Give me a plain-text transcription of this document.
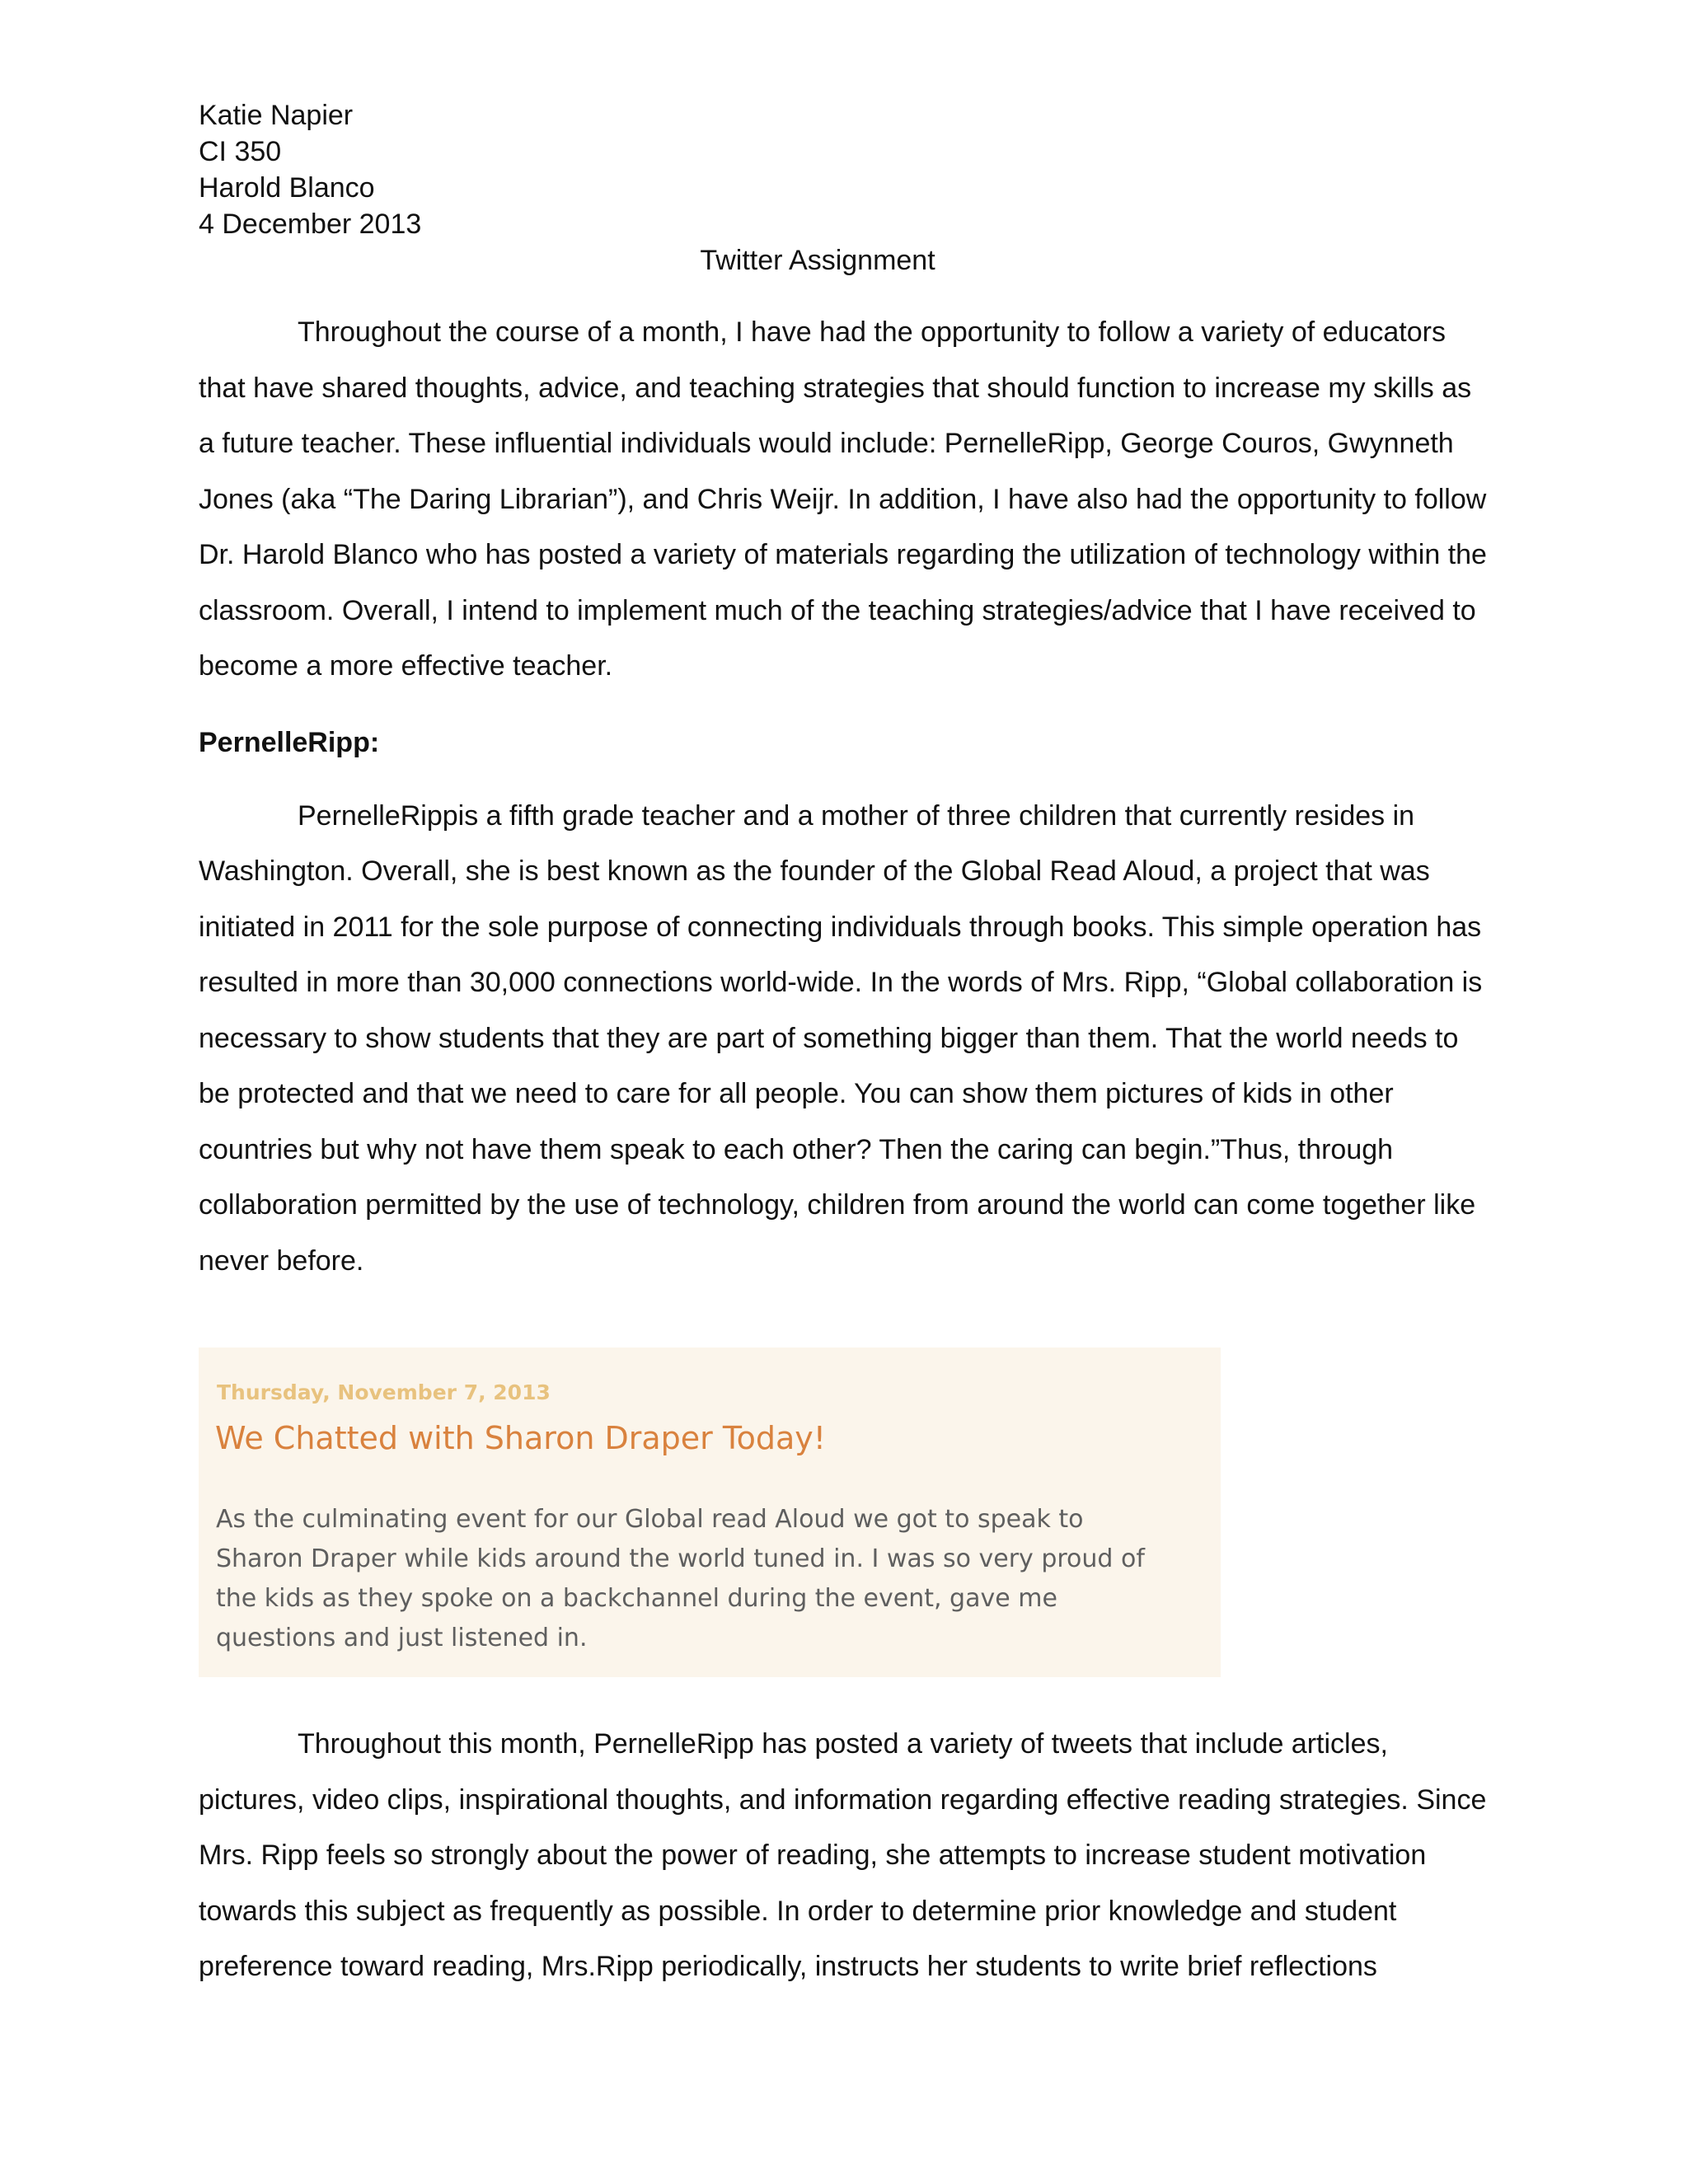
Katie Napier
CI 350
Harold Blanco
4 December 2013
Twitter Assignment

Throughout the course of a month, I have had the opportunity to follow a variety of educators that have shared thoughts, advice, and teaching strategies that should function to increase my skills as a future teacher. These influential individuals would include: PernelleRipp, George Couros, Gwynneth Jones (aka “The Daring Librarian”), and Chris Weijr. In addition, I have also had the opportunity to follow Dr. Harold Blanco who has posted a variety of materials regarding the utilization of technology within the classroom. Overall, I intend to implement much of the teaching strategies/advice that I have received to become a more effective teacher.

PernelleRipp:

PernelleRippis a fifth grade teacher and a mother of three children that currently resides in Washington. Overall, she is best known as the founder of the Global Read Aloud, a project that was initiated in 2011 for the sole purpose of connecting individuals through books. This simple operation has resulted in more than 30,000 connections world-wide. In the words of Mrs. Ripp, “Global collaboration is necessary to show students that they are part of something bigger than them. That the world needs to be protected and that we need to care for all people. You can show them pictures of kids in other countries but why not have them speak to each other? Then the caring can begin.”Thus, through collaboration permitted by the use of technology, children from around the world can come together like never before.

Thursday, November 7, 2013
We Chatted with Sharon Draper Today!
As the culminating event for our Global read Aloud we got to speak to
Sharon Draper while kids around the world tuned in. I was so very proud of
the kids as they spoke on a backchannel during the event, gave me
questions and just listened in.

Throughout this month, PernelleRipp has posted a variety of tweets that include articles, pictures, video clips, inspirational thoughts, and information regarding effective reading strategies. Since Mrs. Ripp feels so strongly about the power of reading, she attempts to increase student motivation towards this subject as frequently as possible. In order to determine prior knowledge and student preference toward reading, Mrs.Ripp periodically, instructs her students to write brief reflections
